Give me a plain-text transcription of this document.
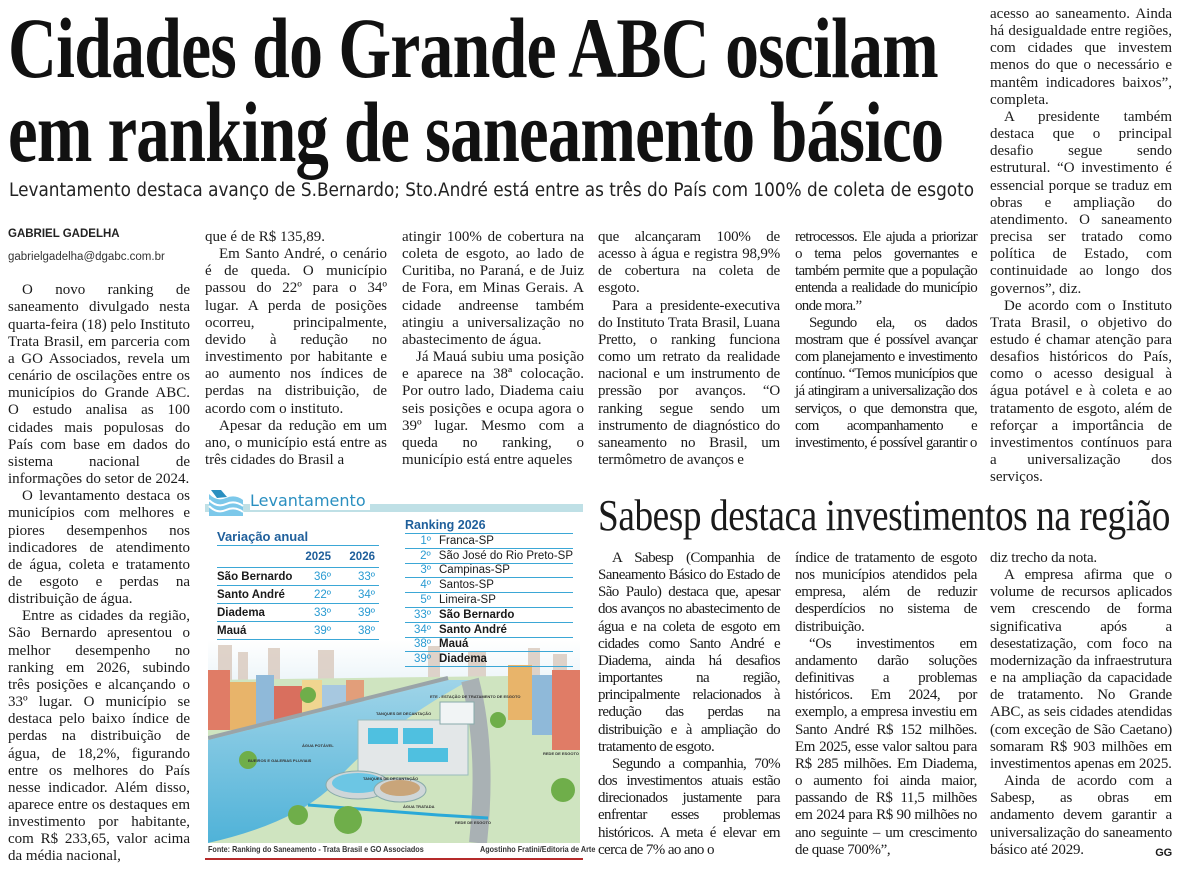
Cidades do Grande ABC oscilam
em ranking de saneamento básico
Levantamento destaca avanço de S.Bernardo; Sto.André está entre as três do País com 100% de coleta de esgoto
GABRIEL GADELHA
gabrielgadelha@dgabc.com.br

O novo ranking de saneamento divulgado nesta quarta-feira (18) pelo Instituto Trata Brasil, em parceria com a GO Associados, revela um cenário de oscilações entre os municípios do Grande ABC. O estudo analisa as 100 cidades mais populosas do País com base em dados do sistema nacional de informações do setor de 2024.

O levantamento destaca os municípios com melhores e piores desempenhos nos indicadores de atendimento de água, coleta e tratamento de esgoto e perdas na distribuição de água.

Entre as cidades da região, São Bernardo apresentou o melhor desempenho no ranking em 2026, subindo três posições e alcançando o 33º lugar. O município se destaca pelo baixo índice de perdas na distribuição de água, de 18,2%, figurando entre os melhores do País nesse indicador. Além disso, aparece entre os destaques em investimento por habitante, com R$ 233,65, valor acima da média nacional,

que é de R$ 135,89.

Em Santo André, o cenário é de queda. O município passou do 22º para o 34º lugar. A perda de posições ocorreu, principalmente, devido à redução no investimento por habitante e ao aumento nos índices de perdas na distribuição, de acordo com o instituto.

Apesar da redução em um ano, o município está entre as três cidades do Brasil a

atingir 100% de cobertura na coleta de esgoto, ao lado de Curitiba, no Paraná, e de Juiz de Fora, em Minas Gerais. A cidade andreense também atingiu a universalização no abastecimento de água.

Já Mauá subiu uma posição e aparece na 38ª colocação. Por outro lado, Diadema caiu seis posições e ocupa agora o 39º lugar. Mesmo com a queda no ranking, o município está entre aqueles

que alcançaram 100% de acesso à água e registra 98,9% de cobertura na coleta de esgoto.

Para a presidente-executiva do Instituto Trata Brasil, Luana Pretto, o ranking funciona como um retrato da realidade nacional e um instrumento de pressão por avanços. “O ranking segue sendo um instrumento de diagnóstico do saneamento no Brasil, um termômetro de avanços e

retrocessos. Ele ajuda a priorizar o tema pelos governantes e também permite que a população entenda a realidade do município onde mora.”

Segundo ela, os dados mostram que é possível avançar com planejamento e investimento contínuo. “Temos municípios que já atingiram a universalização dos serviços, o que demonstra que, com acompanhamento e investimento, é possível garantir o

acesso ao saneamento. Ainda há desigualdade entre regiões, com cidades que investem menos do que o necessário e mantêm indicadores baixos”, completa.

A presidente também destaca que o principal desafio segue sendo estrutural. “O investimento é essencial porque se traduz em obras e ampliação do atendimento. O saneamento precisa ser tratado como política de Estado, com continuidade ao longo dos governos”, diz.

De acordo com o Instituto Trata Brasil, o objetivo do estudo é chamar atenção para desafios históricos do País, como o acesso desigual à água potável e à coleta e ao tratamento de esgoto, além de reforçar a importância de investimentos contínuos para a universalização dos serviços.

Sabesp destaca investimentos na região

A Sabesp (Companhia de Saneamento Básico do Estado de São Paulo) destaca que, apesar dos avanços no abastecimento de água e na coleta de esgoto em cidades como Santo André e Diadema, ainda há desafios importantes na região, principalmente relacionados à redução das perdas na distribuição e à ampliação do tratamento de esgoto.

Segundo a companhia, 70% dos investimentos atuais estão direcionados justamente para enfrentar esses problemas históricos. A meta é elevar em cerca de 7% ao ano o

índice de tratamento de esgoto nos municípios atendidos pela empresa, além de reduzir desperdícios no sistema de distribuição.

“Os investimentos em andamento darão soluções definitivas a problemas históricos. Em 2024, por exemplo, a empresa investiu em Santo André R$ 152 milhões. Em 2025, esse valor saltou para R$ 285 milhões. Em Diadema, o aumento foi ainda maior, passando de R$ 11,5 milhões em 2024 para R$ 90 milhões no ano seguinte – um crescimento de quase 700%”,

diz trecho da nota.

A empresa afirma que o volume de recursos aplicados vem crescendo de forma significativa após a desestatização, com foco na modernização da infraestrutura e na ampliação da capacidade de tratamento. No Grande ABC, as seis cidades atendidas (com exceção de São Caetano) somaram R$ 903 milhões em investimentos apenas em 2025.

Ainda de acordo com a Sabesp, as obras em andamento devem garantir a universalização do saneamento básico até 2029.	GG

Levantamento
TANQUES DE DECANTAÇÃO
ETE - ESTAÇÃO DE TRATAMENTO DE ESGOTO
ÁGUA POTÁVEL
BUEIROS E GALERIAS PLUVIAIS
TANQUES DE DECANTAÇÃO
ÁGUA TRATADA
REDE DE ESGOTO
REDE DE ESGOTO
Variação anual
2025	2026
São Bernardo	36º	33º
Santo André	22º	34º
Diadema	33º	39º
Mauá	39º	38º
Ranking 2026
1º Franca-SP
2º São José do Rio Preto-SP
3º Campinas-SP
4º Santos-SP
5º Limeira-SP
33º São Bernardo
34º Santo André
38º Mauá
39º Diadema
Fonte: Ranking do Saneamento - Trata Brasil e GO Associados	Agostinho Fratini/Editoria de Arte
